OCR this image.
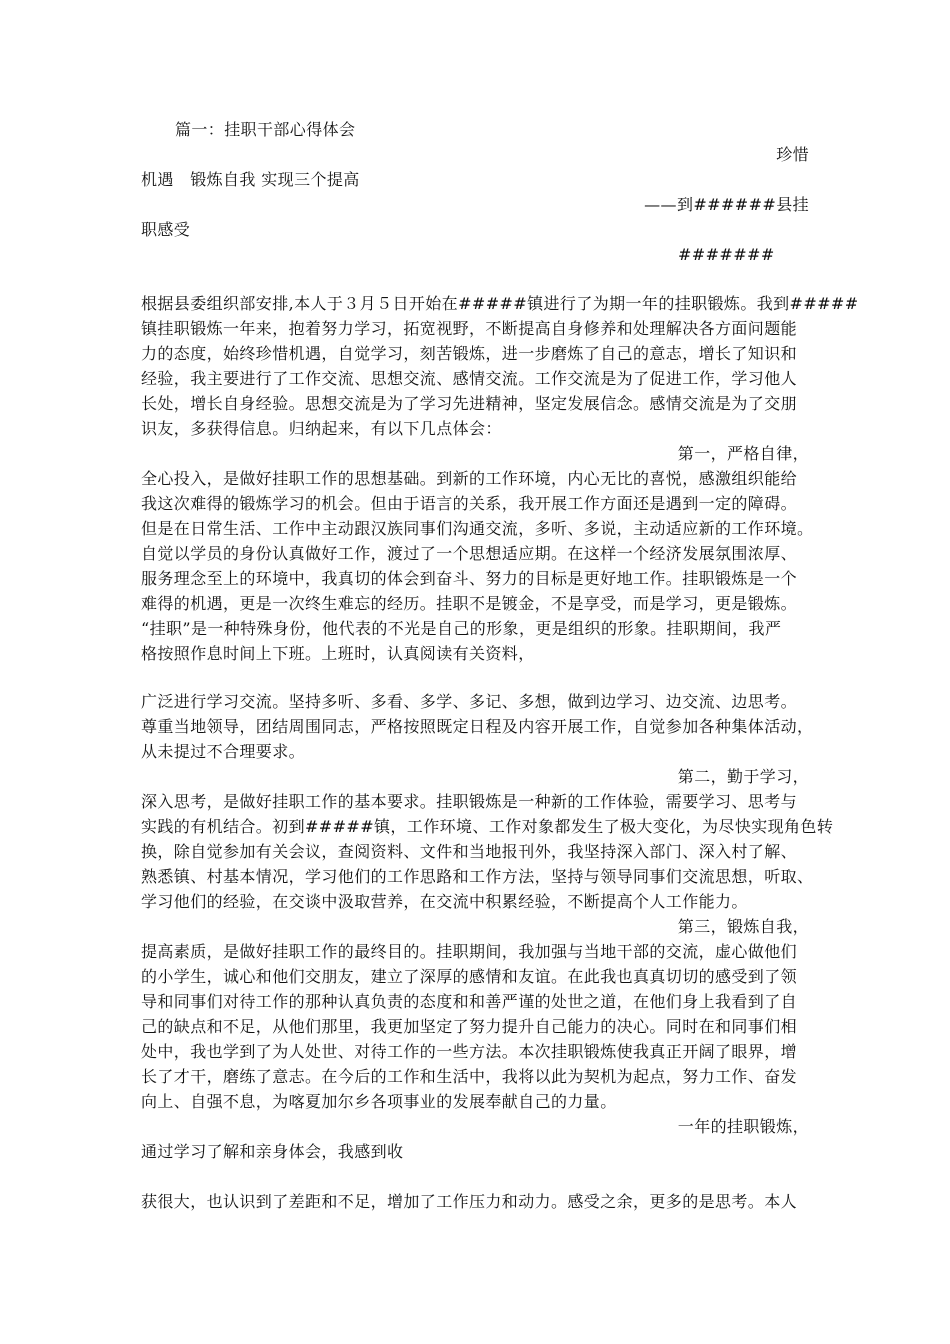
篇一：挂职干部心得体会
珍惜
机遇　锻炼自我 实现三个提高
——到######县挂
职感受
#######
根据县委组织部安排,本人于３月５日开始在#####镇进行了为期一年的挂职锻炼。我到#####
镇挂职锻炼一年来，抱着努力学习，拓宽视野，不断提高自身修养和处理解决各方面问题能
力的态度，始终珍惜机遇，自觉学习，刻苦锻炼，进一步磨炼了自己的意志，增长了知识和
经验，我主要进行了工作交流、思想交流、感情交流。工作交流是为了促进工作，学习他人
长处，增长自身经验。思想交流是为了学习先进精神，坚定发展信念。感情交流是为了交朋
识友，多获得信息。归纳起来，有以下几点体会：
第一，严格自律，
全心投入，是做好挂职工作的思想基础。到新的工作环境，内心无比的喜悦，感激组织能给
我这次难得的锻炼学习的机会。但由于语言的关系，我开展工作方面还是遇到一定的障碍。
但是在日常生活、工作中主动跟汉族同事们沟通交流，多听、多说，主动适应新的工作环境。
自觉以学员的身份认真做好工作，渡过了一个思想适应期。在这样一个经济发展氛围浓厚、
服务理念至上的环境中，我真切的体会到奋斗、努力的目标是更好地工作。挂职锻炼是一个
难得的机遇，更是一次终生难忘的经历。挂职不是镀金，不是享受，而是学习，更是锻炼。
“挂职”是一种特殊身份，他代表的不光是自己的形象，更是组织的形象。挂职期间，我严
格按照作息时间上下班。上班时，认真阅读有关资料，
广泛进行学习交流。坚持多听、多看、多学、多记、多想，做到边学习、边交流、边思考。
尊重当地领导，团结周围同志，严格按照既定日程及内容开展工作，自觉参加各种集体活动，
从未提过不合理要求。
第二，勤于学习，
深入思考，是做好挂职工作的基本要求。挂职锻炼是一种新的工作体验，需要学习、思考与
实践的有机结合。初到#####镇，工作环境、工作对象都发生了极大变化，为尽快实现角色转
换，除自觉参加有关会议，查阅资料、文件和当地报刊外，我坚持深入部门、深入村了解、
熟悉镇、村基本情况，学习他们的工作思路和工作方法，坚持与领导同事们交流思想，听取、
学习他们的经验，在交谈中汲取营养，在交流中积累经验，不断提高个人工作能力。
第三，锻炼自我，
提高素质，是做好挂职工作的最终目的。挂职期间，我加强与当地干部的交流，虚心做他们
的小学生，诚心和他们交朋友，建立了深厚的感情和友谊。在此我也真真切切的感受到了领
导和同事们对待工作的那种认真负责的态度和和善严谨的处世之道，在他们身上我看到了自
己的缺点和不足，从他们那里，我更加坚定了努力提升自己能力的决心。同时在和同事们相
处中，我也学到了为人处世、对待工作的一些方法。本次挂职锻炼使我真正开阔了眼界，增
长了才干，磨练了意志。在今后的工作和生活中，我将以此为契机为起点，努力工作、奋发
向上、自强不息，为喀夏加尔乡各项事业的发展奉献自己的力量。
一年的挂职锻炼，
通过学习了解和亲身体会，我感到收
获很大，也认识到了差距和不足，增加了工作压力和动力。感受之余，更多的是思考。本人
